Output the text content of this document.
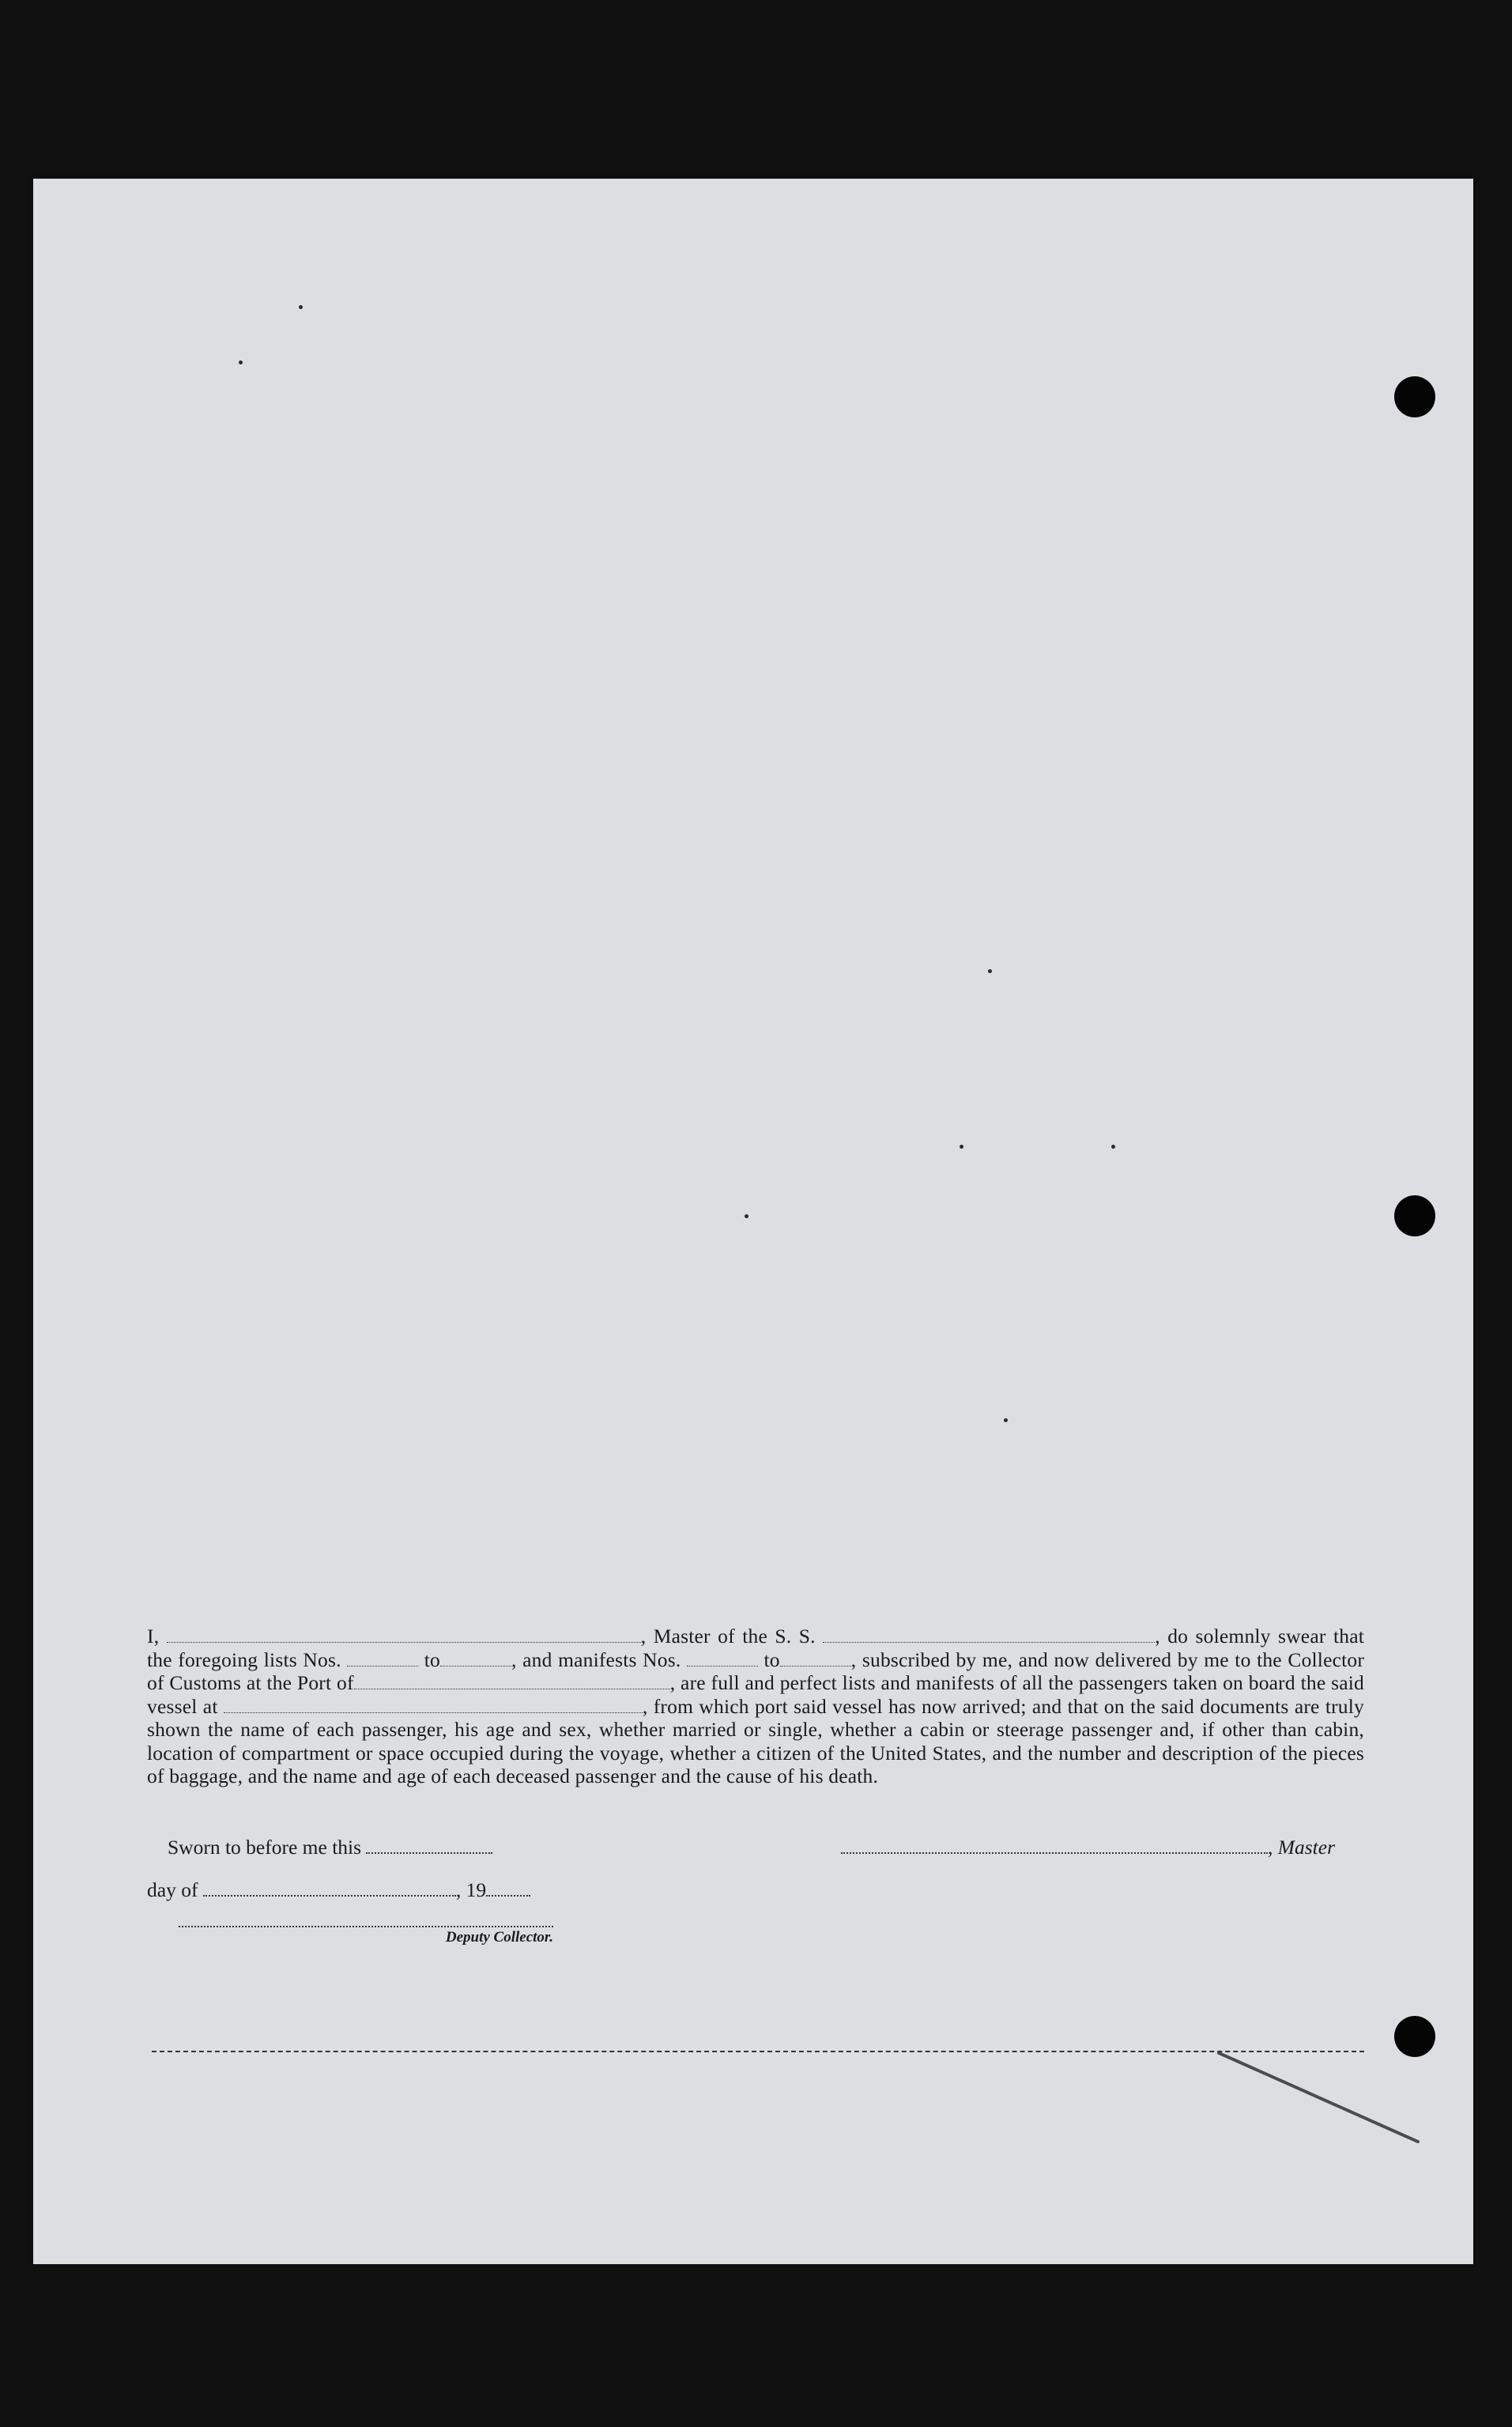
I,	, Master of the S. S.	, do solemnly swear that the foregoing lists Nos.	to	, and manifests Nos.	to	, subscribed by me, and now delivered by me to the Collector of Customs at the Port of	, are full and perfect lists and manifests of all the passengers taken on board the said vessel at	, from which port said vessel has now arrived; and that on the said documents are truly shown the name of each passenger, his age and sex, whether married or single, whether a cabin or steerage passenger and, if other than cabin, location of compartment or space occupied during the voyage, whether a citizen of the United States, and the number and description of the pieces of baggage, and the name and age of each deceased passenger and the cause of his death.
Sworn to before me this	, Master
day of	, 19
Deputy Collector.
